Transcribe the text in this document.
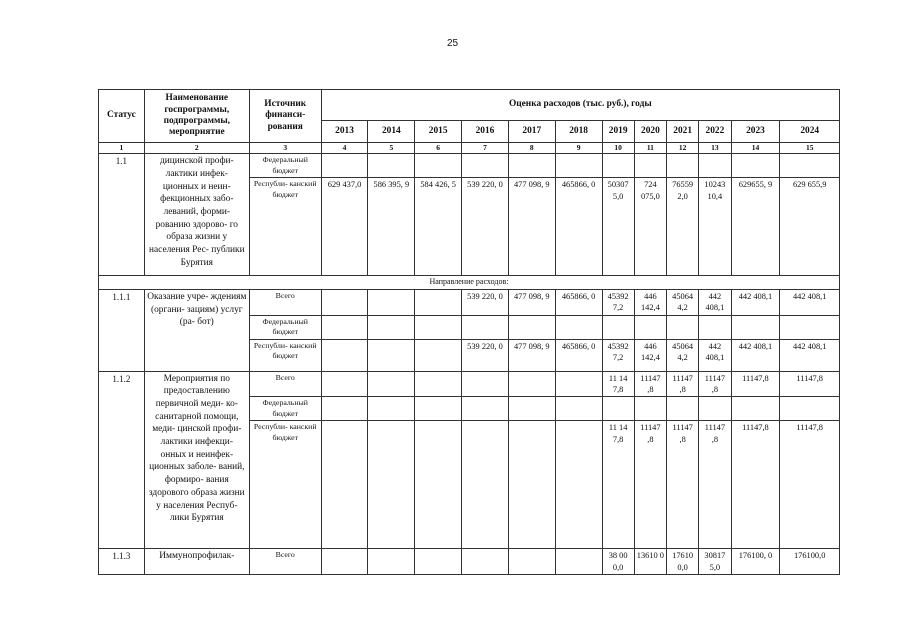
25
Статус	Наименование госпрограммы, подпрограммы, мероприятие	Источник финанси- рования	Оценка расходов (тыс. руб.), годы											
			2013	2014	2015	2016	2017	2018	2019	2020	2021	2022	2023	2024
1	2	3	4	5	6	7	8	9	10	11	12	13	14	15
1.1	дицинской профи- лактики инфек- ционных и неин- фекционных забо- леваний, форми- рованию здорово- го образа жизни у населения Рес- публики Бурятия	Федеральный бюджет												
		Республи- канский бюджет	629 437,0	586 395, 9	584 426, 5	539 220, 0	477 098, 9	465866, 0	50307 5,0	724 075,0	76559 2,0	10243 10,4	629655, 9	629 655,9
Направление расходов:														
1.1.1	Оказание учре- ждениям (органи- зациям) услуг (ра- бот)	Всего				539 220, 0	477 098, 9	465866, 0	45392 7,2	446 142,4	45064 4,2	442 408,1	442 408,1	442 408,1
		Федеральный бюджет												
		Республи- канский бюджет				539 220, 0	477 098, 9	465866, 0	45392 7,2	446 142,4	45064 4,2	442 408,1	442 408,1	442 408,1
1.1.2	Мероприятия по предоставлению первичной меди- ко-санитарной помощи, меди- цинской профи- лактики инфекци- онных и неинфек- ционных заболе- ваний, формиро- вания здорового образа жизни у населения Респуб- лики Бурятия	Всего							11 14 7,8	11147 ,8	11147 ,8	11147 ,8	11147,8	11147,8
		Федеральный бюджет												
		Республи- канский бюджет							11 14 7,8	11147 ,8	11147 ,8	11147 ,8	11147,8	11147,8
1.1.3	Иммунопрофилак-	Всего							38 00 0,0	13610 0	17610 0,0	30817 5,0	176100, 0	176100,0
